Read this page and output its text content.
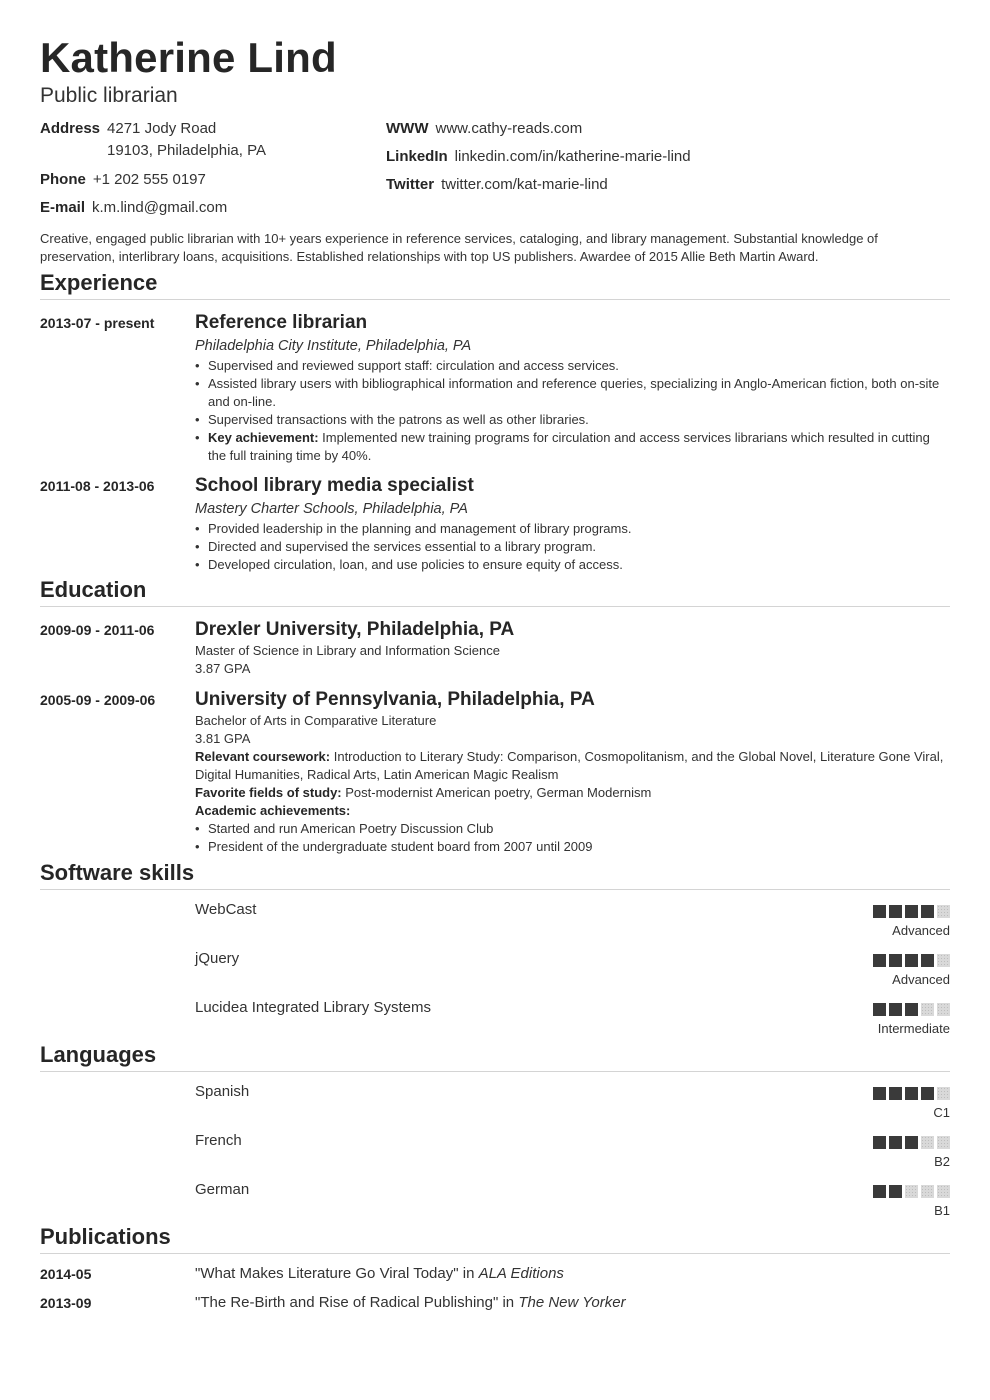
Katherine Lind
Public librarian
Address 4271 Jody Road
19103, Philadelphia, PA
Phone +1 202 555 0197
E-mail k.m.lind@gmail.com
WWW www.cathy-reads.com
LinkedIn linkedin.com/in/katherine-marie-lind
Twitter twitter.com/kat-marie-lind
Creative, engaged public librarian with 10+ years experience in reference services, cataloging, and library management. Substantial knowledge of preservation, interlibrary loans, acquisitions. Established relationships with top US publishers. Awardee of 2015 Allie Beth Martin Award.
Experience
2013-07 - present Reference librarian
Philadelphia City Institute, Philadelphia, PA
• Supervised and reviewed support staff: circulation and access services.
• Assisted library users with bibliographical information and reference queries, specializing in Anglo-American fiction, both on-site and on-line.
• Supervised transactions with the patrons as well as other libraries.
• Key achievement: Implemented new training programs for circulation and access services librarians which resulted in cutting the full training time by 40%.
2011-08 - 2013-06 School library media specialist
Mastery Charter Schools, Philadelphia, PA
• Provided leadership in the planning and management of library programs.
• Directed and supervised the services essential to a library program.
• Developed circulation, loan, and use policies to ensure equity of access.
Education
2009-09 - 2011-06 Drexler University, Philadelphia, PA
Master of Science in Library and Information Science
3.87 GPA
2005-09 - 2009-06 University of Pennsylvania, Philadelphia, PA
Bachelor of Arts in Comparative Literature
3.81 GPA
Relevant coursework: Introduction to Literary Study: Comparison, Cosmopolitanism, and the Global Novel, Literature Gone Viral, Digital Humanities, Radical Arts, Latin American Magic Realism
Favorite fields of study: Post-modernist American poetry, German Modernism
Academic achievements:
• Started and run American Poetry Discussion Club
• President of the undergraduate student board from 2007 until 2009
Software skills
WebCast
Advanced
jQuery
Advanced
Lucidea Integrated Library Systems
Intermediate
Languages
Spanish
C1
French
B2
German
B1
Publications
2014-05	"What Makes Literature Go Viral Today" in ALA Editions
2013-09	"The Re-Birth and Rise of Radical Publishing" in The New Yorker
